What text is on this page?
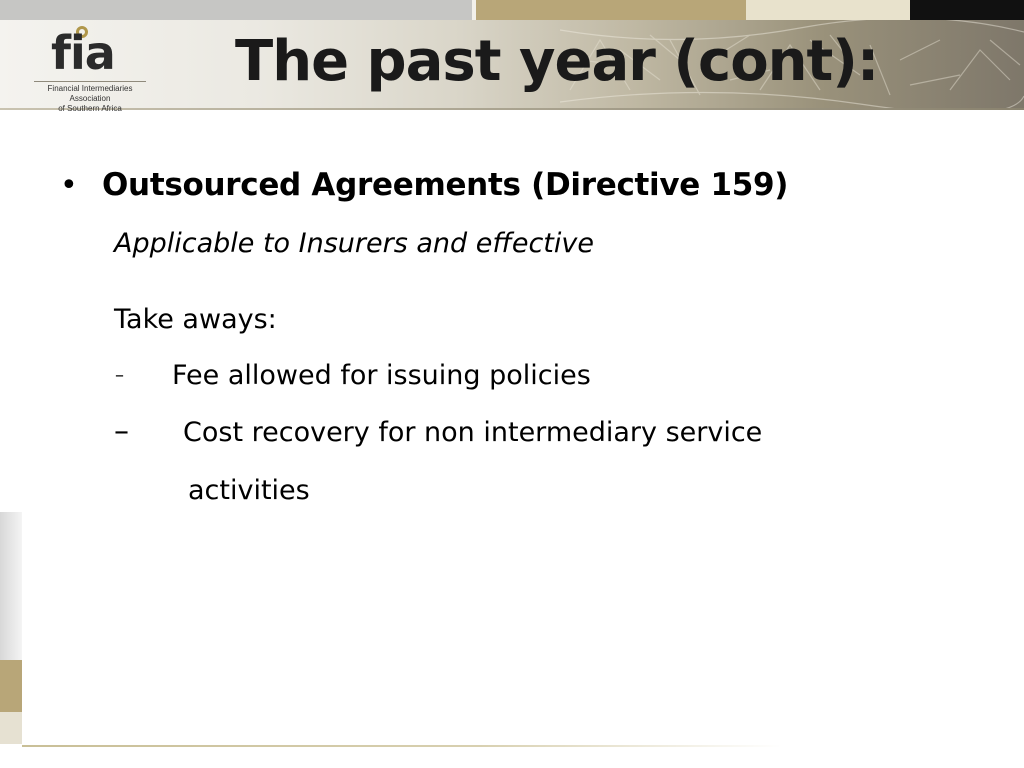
fia
Financial Intermediaries Association
of Southern Africa
The past year (cont):
• Outsourced Agreements (Directive 159)
Applicable to Insurers and effective
Take aways:
– Fee allowed for issuing policies
– Cost recovery for non intermediary service
activities
